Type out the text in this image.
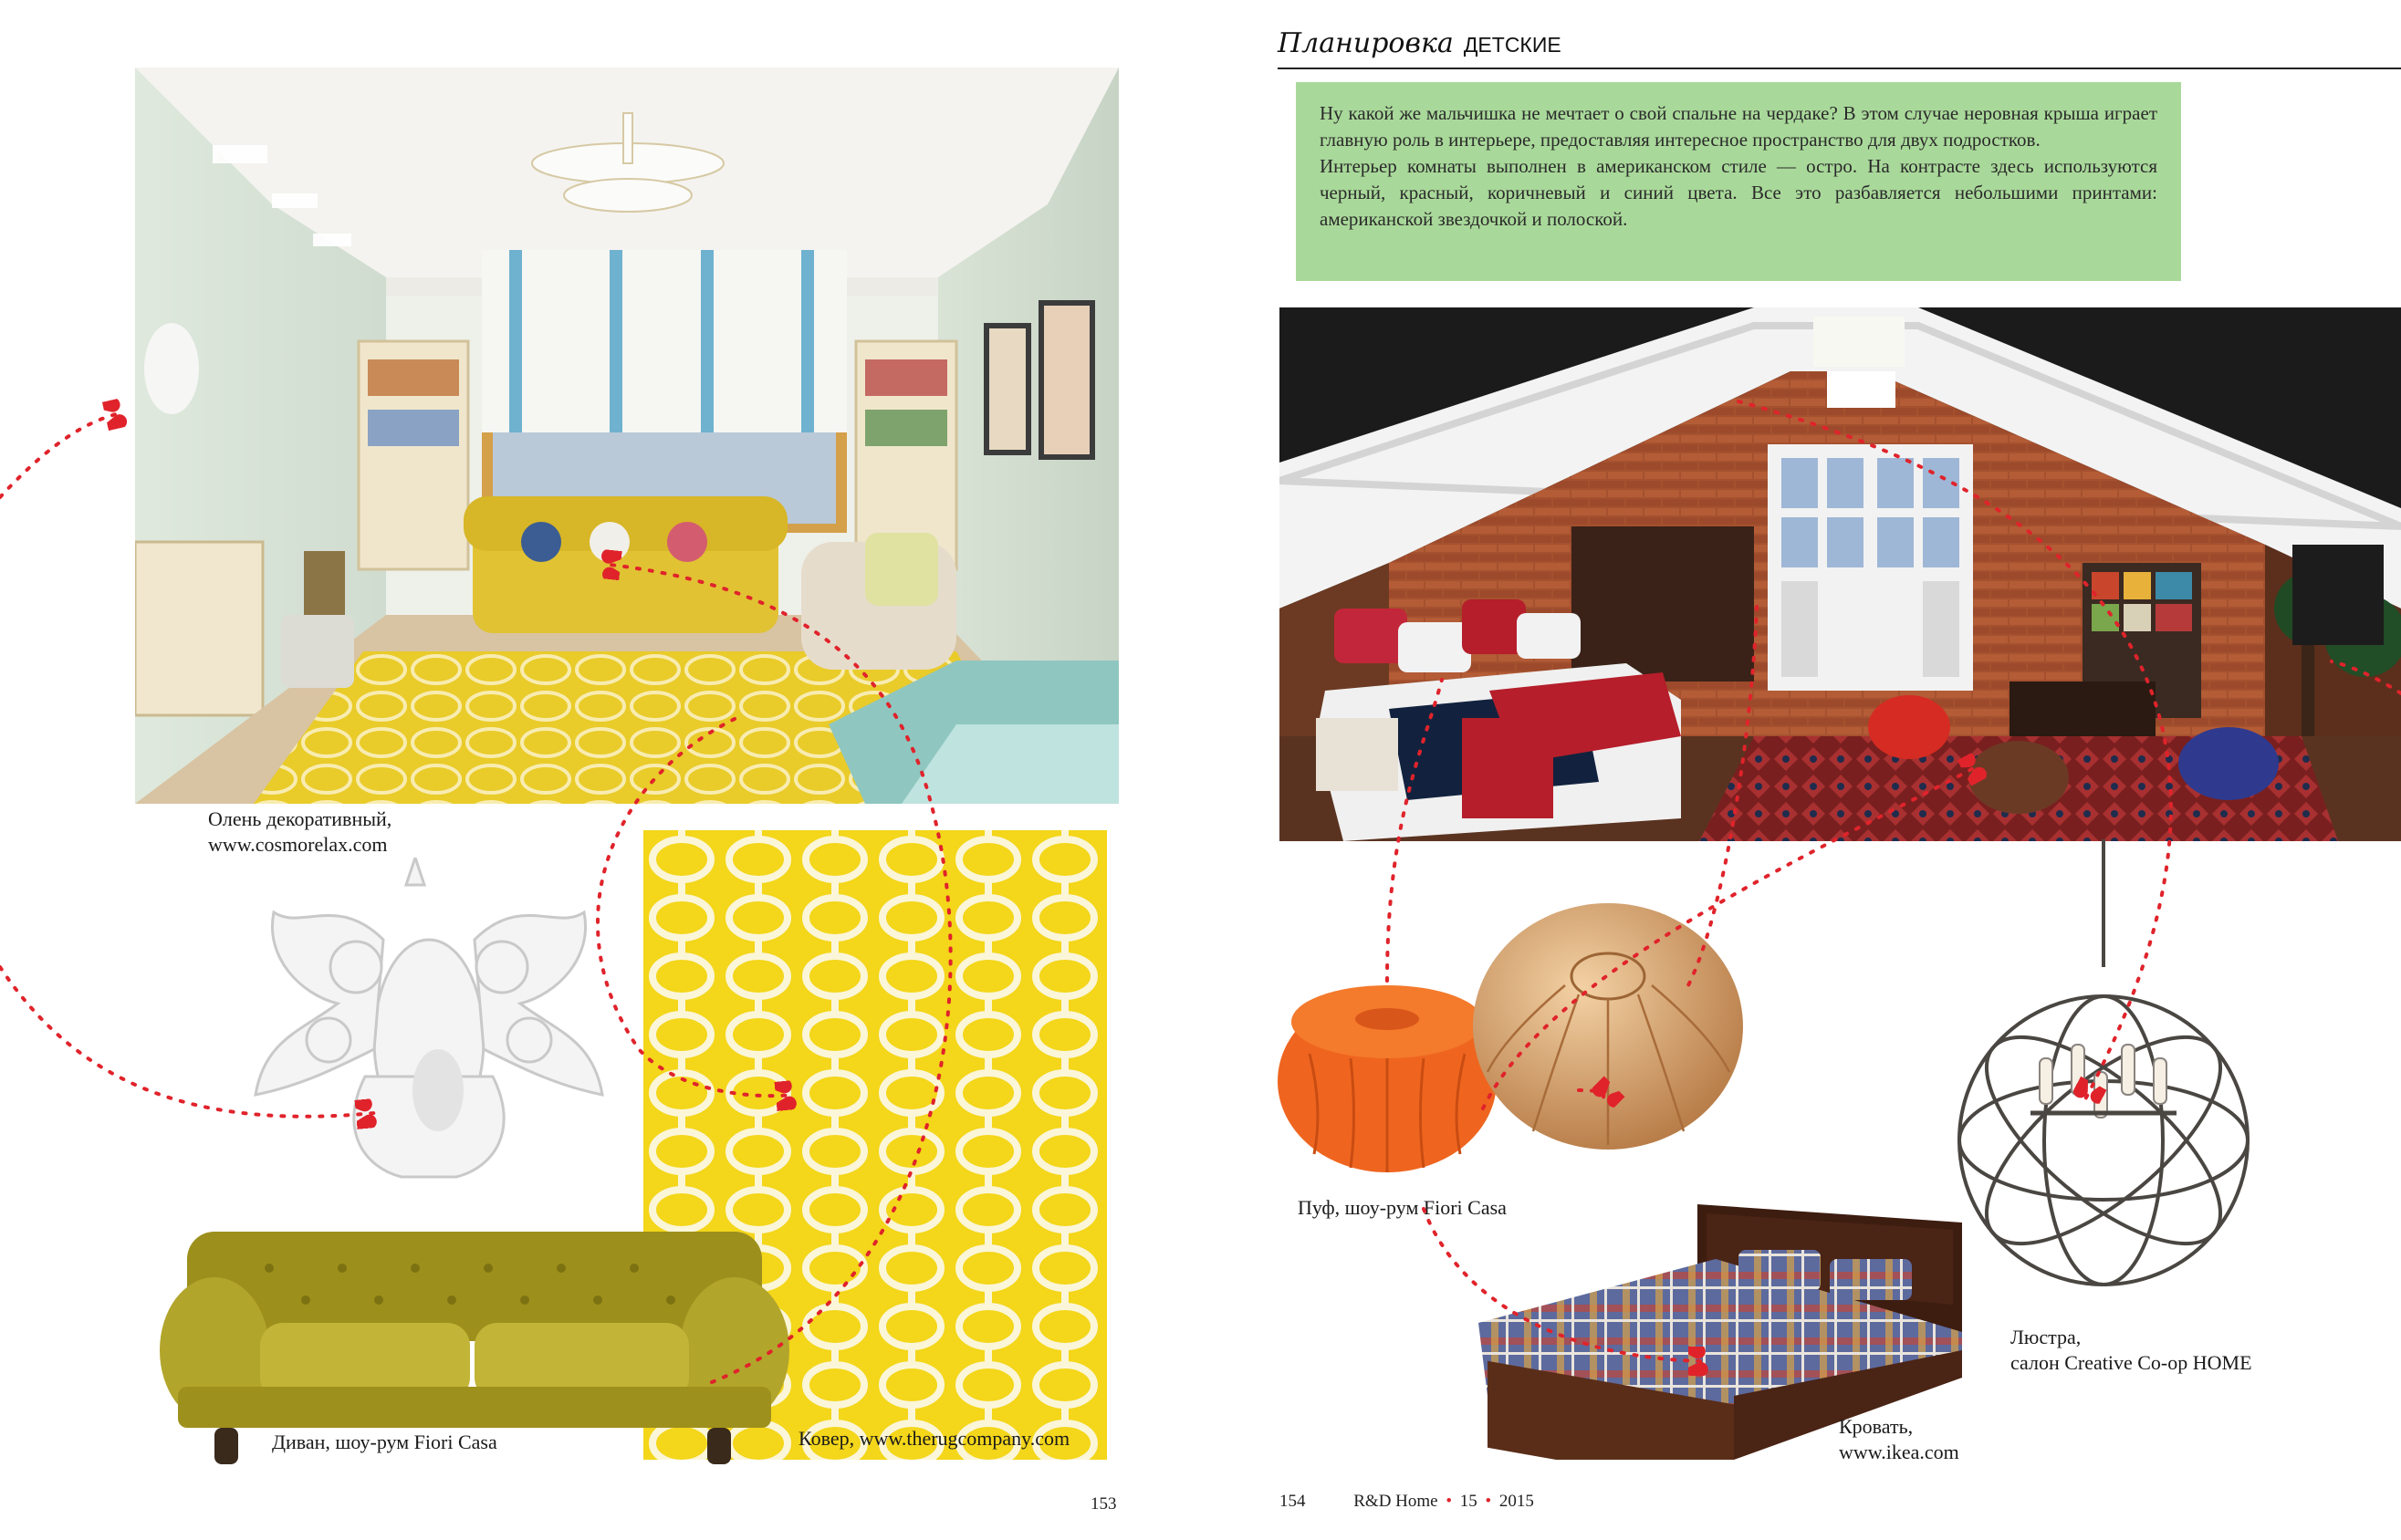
Олень декоративный,
www.cosmorelax.com
Диван, шоу-рум Fiori Casa	Ковер, www.therugcompany.com
153
Планировка ДЕТСКИЕ

Ну какой же мальчишка не мечтает о свой спальне на чердаке? В этом случае неровная крыша играет главную роль в интерьере, предоставляя интересное пространство для двух подростков.

Интерьер комнаты выполнен в американском стиле — остро. На контрасте здесь используются черный, красный, коричневый и синий цвета. Все это разбавляется небольшими принтами: американской звездочкой и полоской.

Пуф, шоу-рум Fiori Casa
Люстра,
салон Creative Co-op HOME
Кровать,
www.ikea.com
154	R&D Home • 15 • 2015
